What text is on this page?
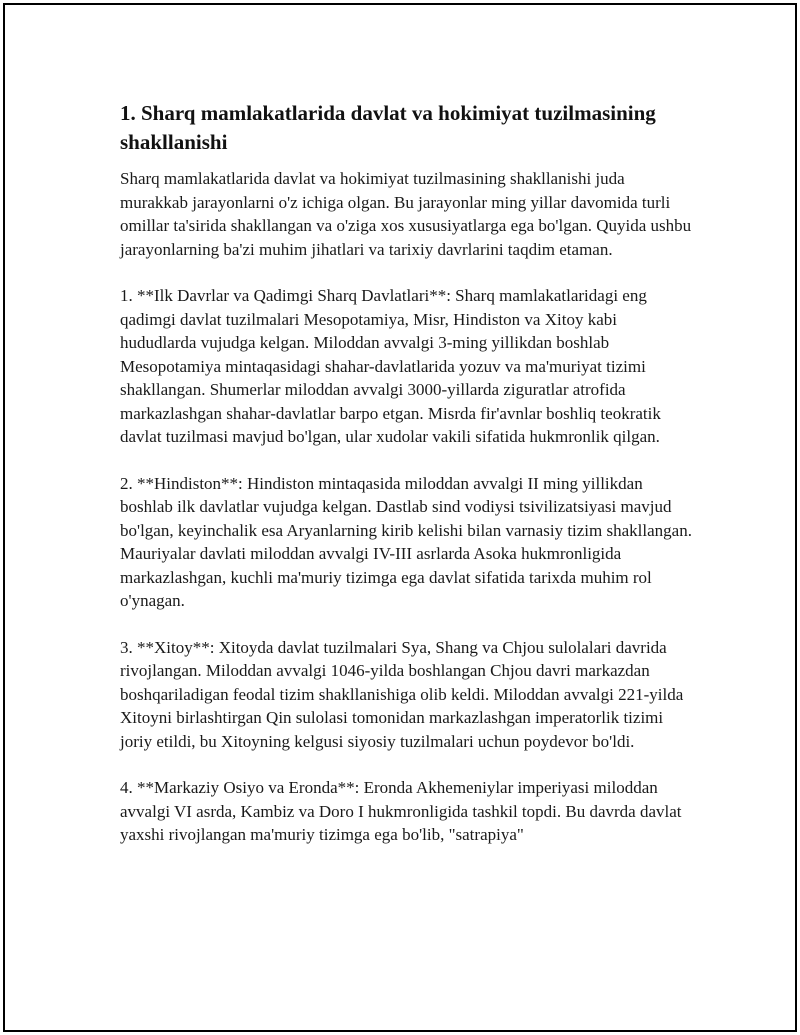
1. Sharq mamlakatlarida davlat va hokimiyat tuzilmasining shakllanishi

Sharq mamlakatlarida davlat va hokimiyat tuzilmasining shakllanishi juda murakkab jarayonlarni o'z ichiga olgan. Bu jarayonlar ming yillar davomida turli omillar ta'sirida shakllangan va o'ziga xos xususiyatlarga ega bo'lgan. Quyida ushbu jarayonlarning ba'zi muhim jihatlari va tarixiy davrlarini taqdim etaman.

1. **Ilk Davrlar va Qadimgi Sharq Davlatlari**: Sharq mamlakatlaridagi eng qadimgi davlat tuzilmalari Mesopotamiya, Misr, Hindiston va Xitoy kabi hududlarda vujudga kelgan. Miloddan avvalgi 3-ming yillikdan boshlab Mesopotamiya mintaqasidagi shahar-davlatlarida yozuv va ma'muriyat tizimi shakllangan. Shumerlar miloddan avvalgi 3000-yillarda ziguratlar atrofida markazlashgan shahar-davlatlar barpo etgan. Misrda fir'avnlar boshliq teokratik davlat tuzilmasi mavjud bo'lgan, ular xudolar vakili sifatida hukmronlik qilgan.

2. **Hindiston**: Hindiston mintaqasida miloddan avvalgi II ming yillikdan boshlab ilk davlatlar vujudga kelgan. Dastlab sind vodiysi tsivilizatsiyasi mavjud bo'lgan, keyinchalik esa Aryanlarning kirib kelishi bilan varnasiy tizim shakllangan. Mauriyalar davlati miloddan avvalgi IV-III asrlarda Asoka hukmronligida markazlashgan, kuchli ma'muriy tizimga ega davlat sifatida tarixda muhim rol o'ynagan.

3. **Xitoy**: Xitoyda davlat tuzilmalari Sya, Shang va Chjou sulolalari davrida rivojlangan. Miloddan avvalgi 1046-yilda boshlangan Chjou davri markazdan boshqariladigan feodal tizim shakllanishiga olib keldi. Miloddan avvalgi 221-yilda Xitoyni birlashtirgan Qin sulolasi tomonidan markazlashgan imperatorlik tizimi joriy etildi, bu Xitoyning kelgusi siyosiy tuzilmalari uchun poydevor bo'ldi.

4. **Markaziy Osiyo va Eronda**: Eronda Akhemeniylar imperiyasi miloddan avvalgi VI asrda, Kambiz va Doro I hukmronligida tashkil topdi. Bu davrda davlat yaxshi rivojlangan ma'muriy tizimga ega bo'lib, "satrapiya"
